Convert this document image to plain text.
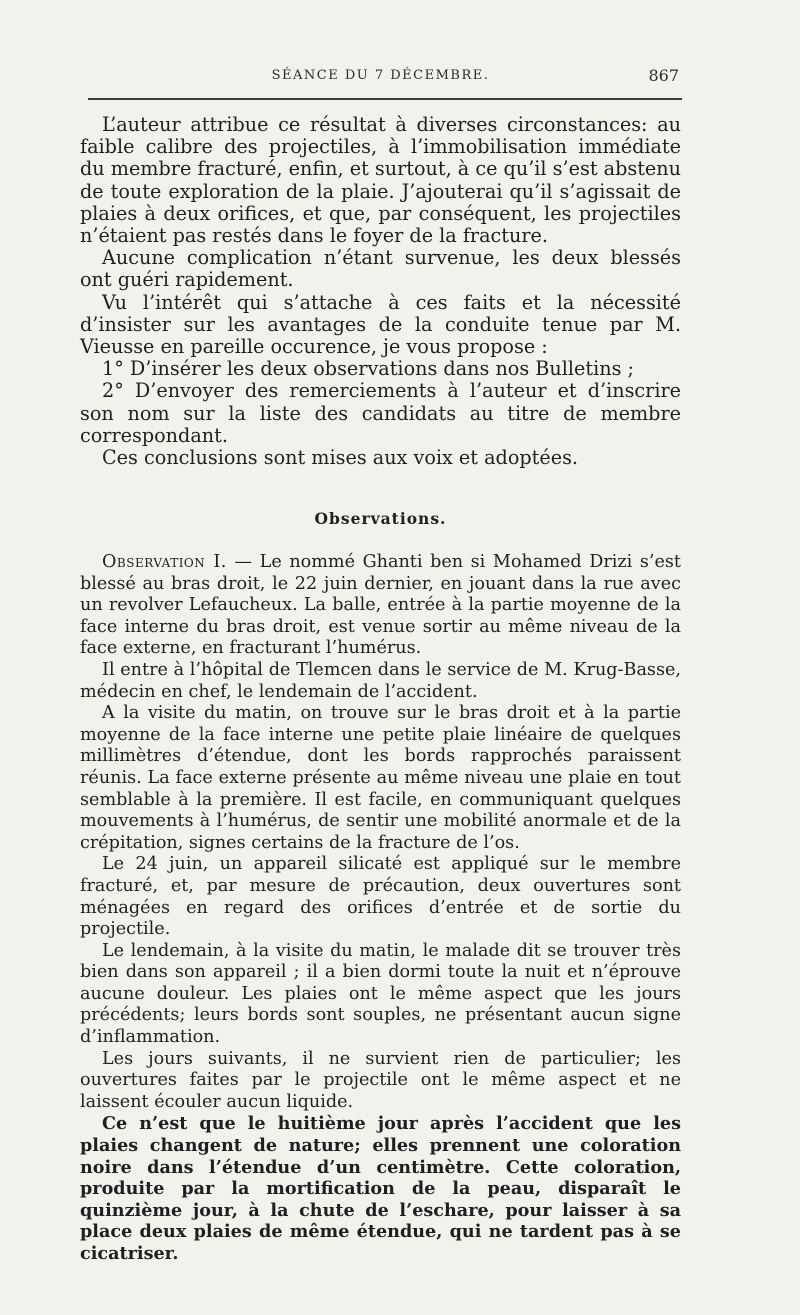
SÉANCE DU 7 DÉCEMBRE.	867

L’auteur attribue ce résultat à diverses circonstances: au faible calibre des projectiles, à l’immobilisation immédiate du membre fracturé, enfin, et surtout, à ce qu’il s’est abstenu de toute exploration de la plaie. J’ajouterai qu’il s’agissait de plaies à deux orifices, et que, par conséquent, les projectiles n’étaient pas restés dans le foyer de la fracture.

Aucune complication n’étant survenue, les deux blessés ont guéri rapidement.

Vu l’intérêt qui s’attache à ces faits et la nécessité d’insister sur les avantages de la conduite tenue par M. Vieusse en pareille occurence, je vous propose :

1° D’insérer les deux observations dans nos Bulletins ;

2° D’envoyer des remerciements à l’auteur et d’inscrire son nom sur la liste des candidats au titre de membre correspondant.

Ces conclusions sont mises aux voix et adoptées.

Observations.

Observation I. — Le nommé Ghanti ben si Mohamed Drizi s’est blessé au bras droit, le 22 juin dernier, en jouant dans la rue avec un revolver Lefaucheux. La balle, entrée à la partie moyenne de la face interne du bras droit, est venue sortir au même niveau de la face externe, en fracturant l’humérus.

Il entre à l’hôpital de Tlemcen dans le service de M. Krug-Basse, médecin en chef, le lendemain de l’accident.

A la visite du matin, on trouve sur le bras droit et à la partie moyenne de la face interne une petite plaie linéaire de quelques millimètres d’étendue, dont les bords rapprochés paraissent réunis. La face externe présente au même niveau une plaie en tout semblable à la première. Il est facile, en communiquant quelques mouvements à l’humérus, de sentir une mobilité anormale et de la crépitation, signes certains de la fracture de l’os.

Le 24 juin, un appareil silicaté est appliqué sur le membre fracturé, et, par mesure de précaution, deux ouvertures sont ménagées en regard des orifices d’entrée et de sortie du projectile.

Le lendemain, à la visite du matin, le malade dit se trouver très bien dans son appareil ; il a bien dormi toute la nuit et n’éprouve aucune douleur. Les plaies ont le même aspect que les jours précédents; leurs bords sont souples, ne présentant aucun signe d’inflammation.

Les jours suivants, il ne survient rien de particulier; les ouvertures faites par le projectile ont le même aspect et ne laissent écouler aucun liquide.

Ce n’est que le huitième jour après l’accident que les plaies changent de nature; elles prennent une coloration noire dans l’étendue d’un centimètre. Cette coloration, produite par la mortification de la peau, disparaît le quinzième jour, à la chute de l’eschare, pour laisser à sa place deux plaies de même étendue, qui ne tardent pas à se cicatriser.
